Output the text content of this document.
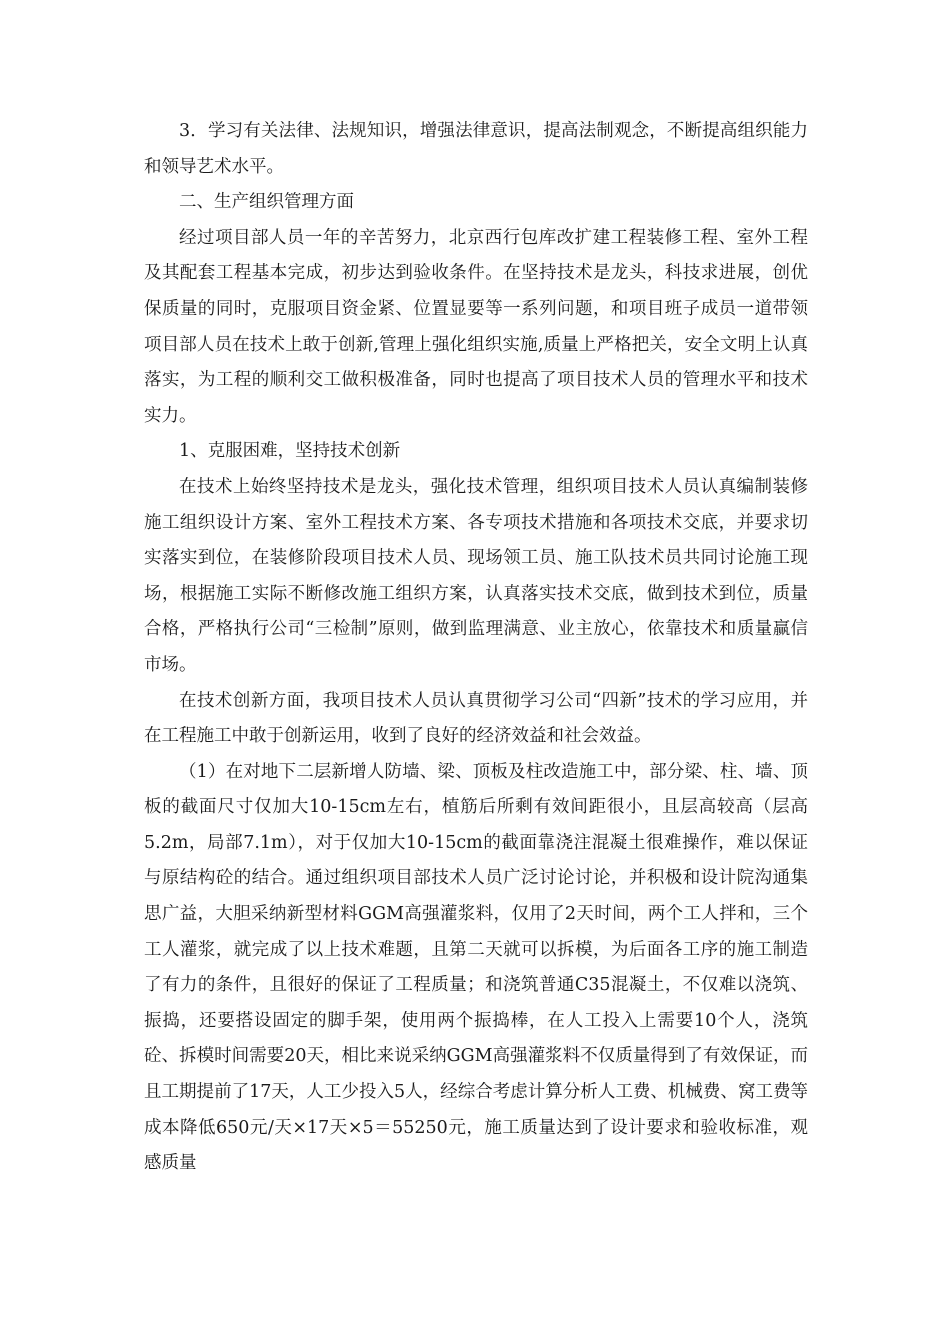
3．学习有关法律、法规知识，增强法律意识，提高法制观念，不断提高组织能力和领导艺术水平。

二、生产组织管理方面

经过项目部人员一年的辛苦努力，北京西行包库改扩建工程装修工程、室外工程及其配套工程基本完成，初步达到验收条件。在坚持技术是龙头，科技求进展，创优保质量的同时，克服项目资金紧、位置显要等一系列问题，和项目班子成员一道带领项目部人员在技术上敢于创新,管理上强化组织实施,质量上严格把关，安全文明上认真落实，为工程的顺利交工做积极准备，同时也提高了项目技术人员的管理水平和技术实力。

1、克服困难，坚持技术创新

在技术上始终坚持技术是龙头，强化技术管理，组织项目技术人员认真编制装修施工组织设计方案、室外工程技术方案、各专项技术措施和各项技术交底，并要求切实落实到位，在装修阶段项目技术人员、现场领工员、施工队技术员共同讨论施工现场，根据施工实际不断修改施工组织方案，认真落实技术交底，做到技术到位，质量合格，严格执行公司“三检制”原则，做到监理满意、业主放心，依靠技术和质量赢信市场。

在技术创新方面，我项目技术人员认真贯彻学习公司“四新”技术的学习应用，并在工程施工中敢于创新运用，收到了良好的经济效益和社会效益。

（1）在对地下二层新增人防墙、梁、顶板及柱改造施工中，部分梁、柱、墙、顶板的截面尺寸仅加大10-15cm左右，植筋后所剩有效间距很小，且层高较高（层高5.2m，局部7.1m），对于仅加大10-15cm的截面靠浇注混凝土很难操作，难以保证与原结构砼的结合。通过组织项目部技术人员广泛讨论讨论，并积极和设计院沟通集思广益，大胆采纳新型材料GGM高强灌浆料，仅用了2天时间，两个工人拌和，三个工人灌浆，就完成了以上技术难题，且第二天就可以拆模，为后面各工序的施工制造了有力的条件，且很好的保证了工程质量；和浇筑普通C35混凝土，不仅难以浇筑、振捣，还要搭设固定的脚手架，使用两个振捣棒，在人工投入上需要10个人，浇筑砼、拆模时间需要20天，相比来说采纳GGM高强灌浆料不仅质量得到了有效保证，而且工期提前了17天，人工少投入5人，经综合考虑计算分析人工费、机械费、窝工费等成本降低650元/天×17天×5＝55250元，施工质量达到了设计要求和验收标准，观感质量
